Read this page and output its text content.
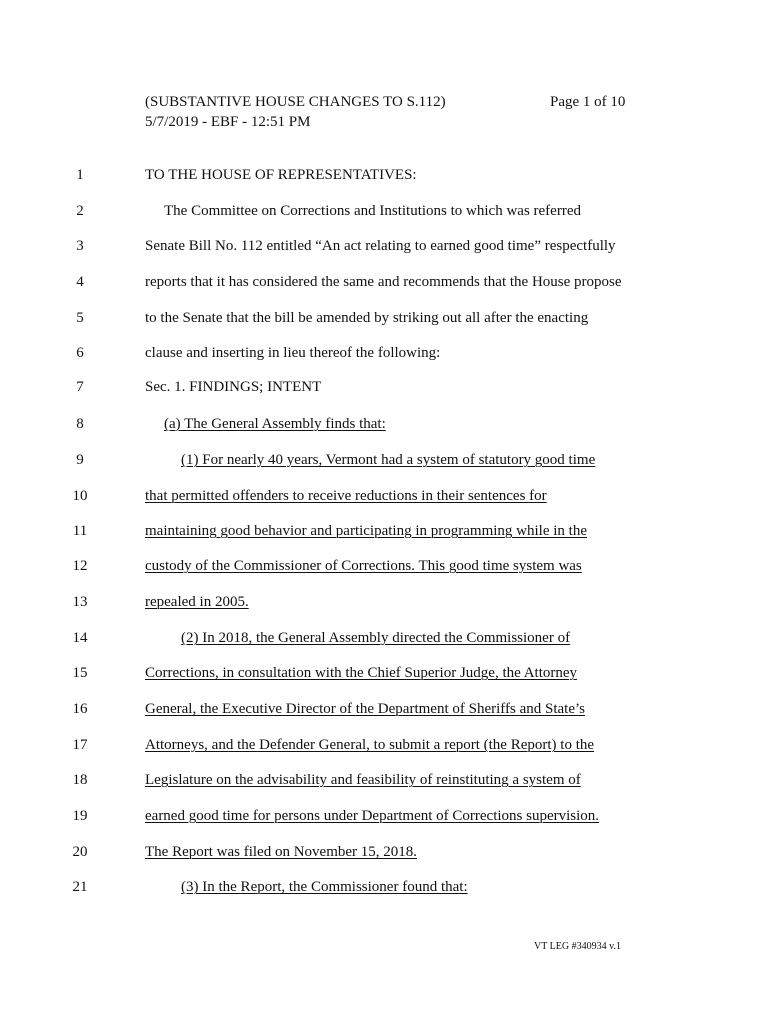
(SUBSTANTIVE HOUSE CHANGES TO S.112)
5/7/2019 - EBF - 12:51 PM
Page 1 of 10
1	TO THE HOUSE OF REPRESENTATIVES:
2	The Committee on Corrections and Institutions to which was referred
3	Senate Bill No. 112 entitled “An act relating to earned good time” respectfully
4	reports that it has considered the same and recommends that the House propose
5	to the Senate that the bill be amended by striking out all after the enacting
6	clause and inserting in lieu thereof the following:
7	Sec. 1. FINDINGS; INTENT
8	(a) The General Assembly finds that:
9	(1) For nearly 40 years, Vermont had a system of statutory good time
10	that permitted offenders to receive reductions in their sentences for
11	maintaining good behavior and participating in programming while in the
12	custody of the Commissioner of Corrections. This good time system was
13	repealed in 2005.
14	(2) In 2018, the General Assembly directed the Commissioner of
15	Corrections, in consultation with the Chief Superior Judge, the Attorney
16	General, the Executive Director of the Department of Sheriffs and State’s
17	Attorneys, and the Defender General, to submit a report (the Report) to the
18	Legislature on the advisability and feasibility of reinstituting a system of
19	earned good time for persons under Department of Corrections supervision.
20	The Report was filed on November 15, 2018.
21	(3) In the Report, the Commissioner found that:
VT LEG #340934 v.1
